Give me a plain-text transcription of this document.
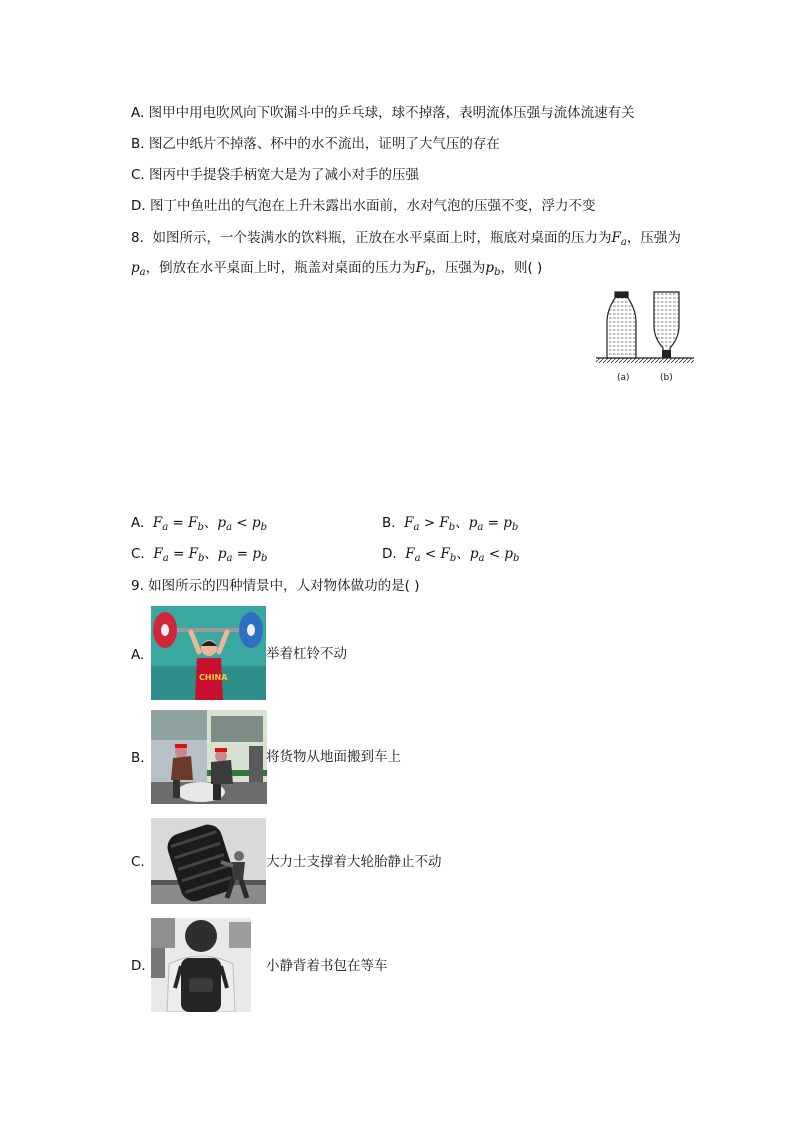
A. 图甲中用电吹风向下吹漏斗中的乒乓球，球不掉落，表明流体压强与流体流速有关
B. 图乙中纸片不掉落、杯中的水不流出，证明了大气压的存在
C. 图丙中手提袋手柄宽大是为了减小对手的压强
D. 图丁中鱼吐出的气泡在上升未露出水面前，水对气泡的压强不变，浮力不变
8. 如图所示，一个装满水的饮料瓶，正放在水平桌面上时，瓶底对桌面的压力为$F_a$，压强为
$p_a$，倒放在水平桌面上时，瓶盖对桌面的压力为$F_b$，压强为$p_b$，则( )
(a)	(b)
A. $F_a = F_b$、$p_a < p_b$	B. $F_a > F_b$、$p_a = p_b$
C. $F_a = F_b$、$p_a = p_b$	D. $F_a < F_b$、$p_a < p_b$
9. 如图所示的四种情景中，人对物体做功的是( )
A.
CHINA
举着杠铃不动
B.	将货物从地面搬到车上
C.	大力士支撑着大轮胎静止不动
D.	小静背着书包在等车
